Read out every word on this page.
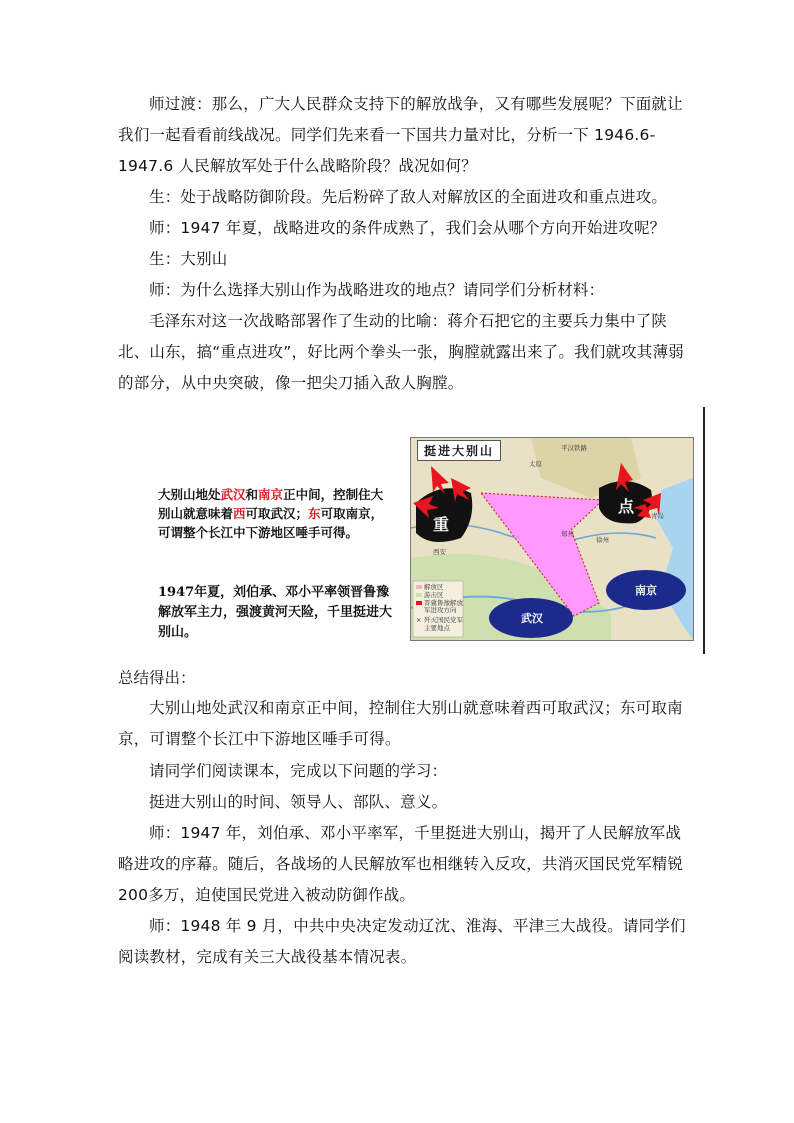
师过渡：那么，广大人民群众支持下的解放战争，又有哪些发展呢？下面就让我们一起看看前线战况。同学们先来看一下国共力量对比，分析一下 1946.6-1947.6 人民解放军处于什么战略阶段？战况如何？

生：处于战略防御阶段。先后粉碎了敌人对解放区的全面进攻和重点进攻。

师：1947 年夏，战略进攻的条件成熟了，我们会从哪个方向开始进攻呢？

生：大别山

师：为什么选择大别山作为战略进攻的地点？请同学们分析材料：

毛泽东对这一次战略部署作了生动的比喻：蒋介石把它的主要兵力集中了陕北、山东，搞“重点进攻”，好比两个拳头一张，胸膛就露出来了。我们就攻其薄弱的部分，从中央突破，像一把尖刀插入敌人胸膛。

大别山地处武汉和南京正中间，控制住大别山就意味着西可取武汉；东可取南京，可谓整个长江中下游地区唾手可得。

1947年夏，刘伯承、邓小平率领晋鲁豫解放军主力，强渡黄河天险，千里挺进大别山。

重
点
武汉
南京
平汉铁路
太原
西安
徐州
郑州
青岛
解放区
游击区
晋冀鲁豫解放
军进攻方向
× 歼灭国民党军
主要地点
挺进大别山

总结得出：

大别山地处武汉和南京正中间，控制住大别山就意味着西可取武汉；东可取南京，可谓整个长江中下游地区唾手可得。

请同学们阅读课本，完成以下问题的学习：

挺进大别山的时间、领导人、部队、意义。

师：1947 年，刘伯承、邓小平率军，千里挺进大别山，揭开了人民解放军战略进攻的序幕。随后，各战场的人民解放军也相继转入反攻，共消灭国民党军精锐 200多万，迫使国民党进入被动防御作战。

师：1948 年 9 月，中共中央决定发动辽沈、淮海、平津三大战役。请同学们阅读教材，完成有关三大战役基本情况表。
